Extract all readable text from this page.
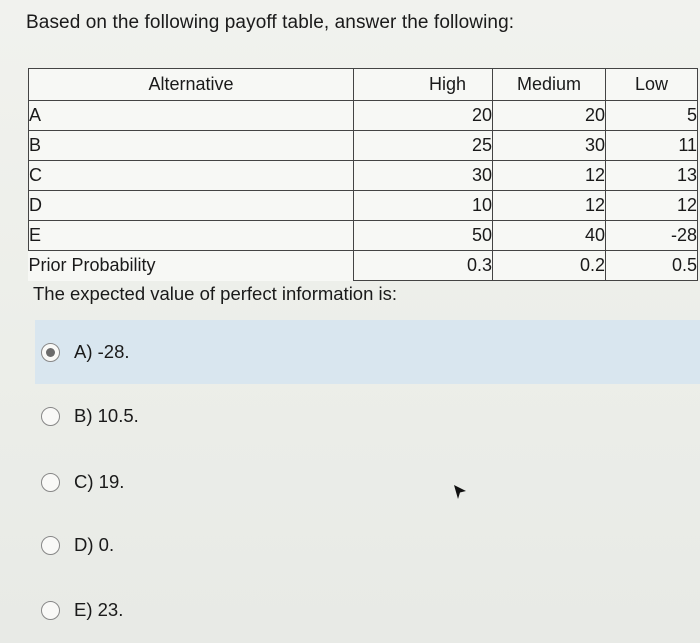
Based on the following payoff table, answer the following:
Alternative	High	Medium	Low
A	20	20	5
B	25	30	11
C	30	12	13
D	10	12	12
E	50	40	-28
Prior Probability	0.3	0.2	0.5
The expected value of perfect information is:
A) -28.
B) 10.5.
C) 19.
D) 0.
E) 23.
